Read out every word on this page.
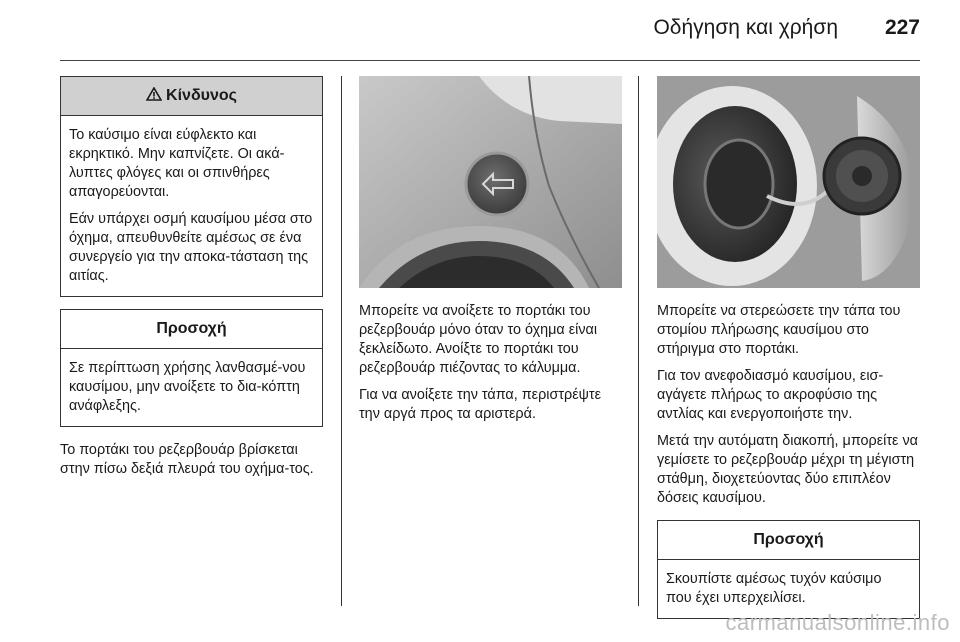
Οδήγηση και χρήση 227
Κίνδυνος

Το καύσιμο είναι εύφλεκτο και εκρηκτικό. Μην καπνίζετε. Οι ακά-λυπτες φλόγες και οι σπινθήρες απαγορεύονται.

Εάν υπάρχει οσμή καυσίμου μέσα στο όχημα, απευθυνθείτε αμέσως σε ένα συνεργείο για την αποκα-τάσταση της αιτίας.

Προσοχή

Σε περίπτωση χρήσης λανθασμέ-νου καυσίμου, μην ανοίξετε το δια-κόπτη ανάφλεξης.

Το πορτάκι του ρεζερβουάρ βρίσκεται στην πίσω δεξιά πλευρά του οχήμα-τος.

Μπορείτε να ανοίξετε το πορτάκι του ρεζερβουάρ μόνο όταν το όχημα είναι ξεκλείδωτο. Ανοίξτε το πορτάκι του ρεζερβουάρ πιέζοντας το κάλυμμα.

Για να ανοίξετε την τάπα, περιστρέψτε την αργά προς τα αριστερά.

Μπορείτε να στερεώσετε την τάπα του στομίου πλήρωσης καυσίμου στο στήριγμα στο πορτάκι.

Για τον ανεφοδιασμό καυσίμου, εισ-αγάγετε πλήρως το ακροφύσιο της αντλίας και ενεργοποιήστε την.

Μετά την αυτόματη διακοπή, μπορείτε να γεμίσετε το ρεζερβουάρ μέχρι τη μέγιστη στάθμη, διοχετεύοντας δύο επιπλέον δόσεις καυσίμου.

Προσοχή

Σκουπίστε αμέσως τυχόν καύσιμο που έχει υπερχειλίσει.

carmanualsonline.info
